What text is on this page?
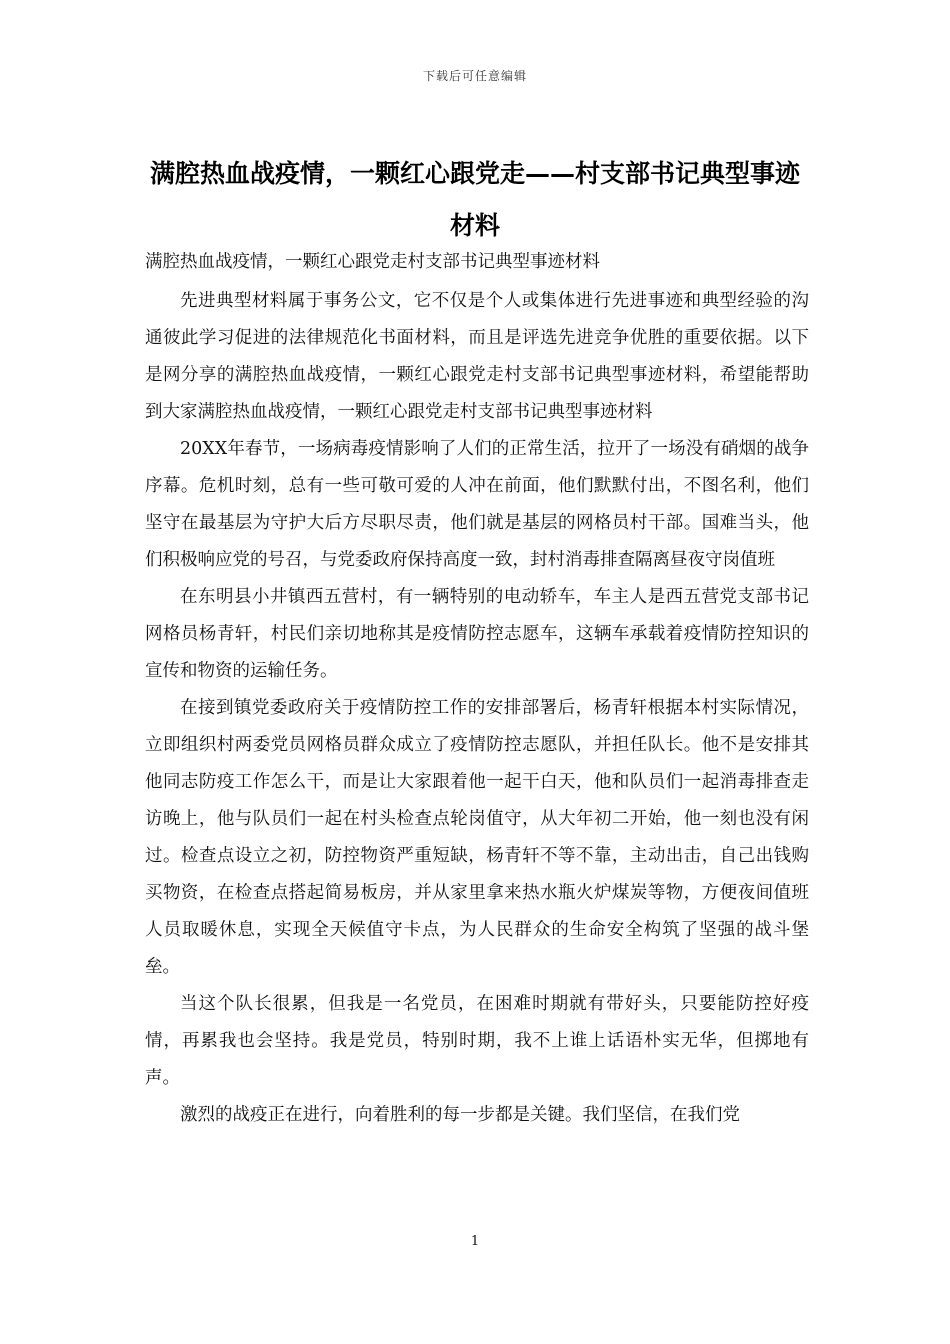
下载后可任意编辑
满腔热血战疫情，一颗红心跟党走——村支部书记典型事迹材料

满腔热血战疫情，一颗红心跟党走村支部书记典型事迹材料

先进典型材料属于事务公文，它不仅是个人或集体进行先进事迹和典型经验的沟通彼此学习促进的法律规范化书面材料，而且是评选先进竞争优胜的重要依据。以下是网分享的满腔热血战疫情，一颗红心跟党走村支部书记典型事迹材料，希望能帮助到大家满腔热血战疫情，一颗红心跟党走村支部书记典型事迹材料

20XX年春节，一场病毒疫情影响了人们的正常生活，拉开了一场没有硝烟的战争序幕。危机时刻，总有一些可敬可爱的人冲在前面，他们默默付出，不图名利，他们坚守在最基层为守护大后方尽职尽责，他们就是基层的网格员村干部。国难当头，他们积极响应党的号召，与党委政府保持高度一致，封村消毒排查隔离昼夜守岗值班

在东明县小井镇西五营村，有一辆特别的电动轿车，车主人是西五营党支部书记网格员杨青轩，村民们亲切地称其是疫情防控志愿车，这辆车承载着疫情防控知识的宣传和物资的运输任务。

在接到镇党委政府关于疫情防控工作的安排部署后，杨青轩根据本村实际情况，立即组织村两委党员网格员群众成立了疫情防控志愿队，并担任队长。他不是安排其他同志防疫工作怎么干，而是让大家跟着他一起干白天，他和队员们一起消毒排查走访晚上，他与队员们一起在村头检查点轮岗值守，从大年初二开始，他一刻也没有闲过。检查点设立之初，防控物资严重短缺，杨青轩不等不靠，主动出击，自己出钱购买物资，在检查点搭起简易板房，并从家里拿来热水瓶火炉煤炭等物，方便夜间值班人员取暖休息，实现全天候值守卡点，为人民群众的生命安全构筑了坚强的战斗堡垒。

当这个队长很累，但我是一名党员，在困难时期就有带好头，只要能防控好疫情，再累我也会坚持。我是党员，特别时期，我不上谁上话语朴实无华，但掷地有声。

激烈的战疫正在进行，向着胜利的每一步都是关键。我们坚信，在我们党

1
